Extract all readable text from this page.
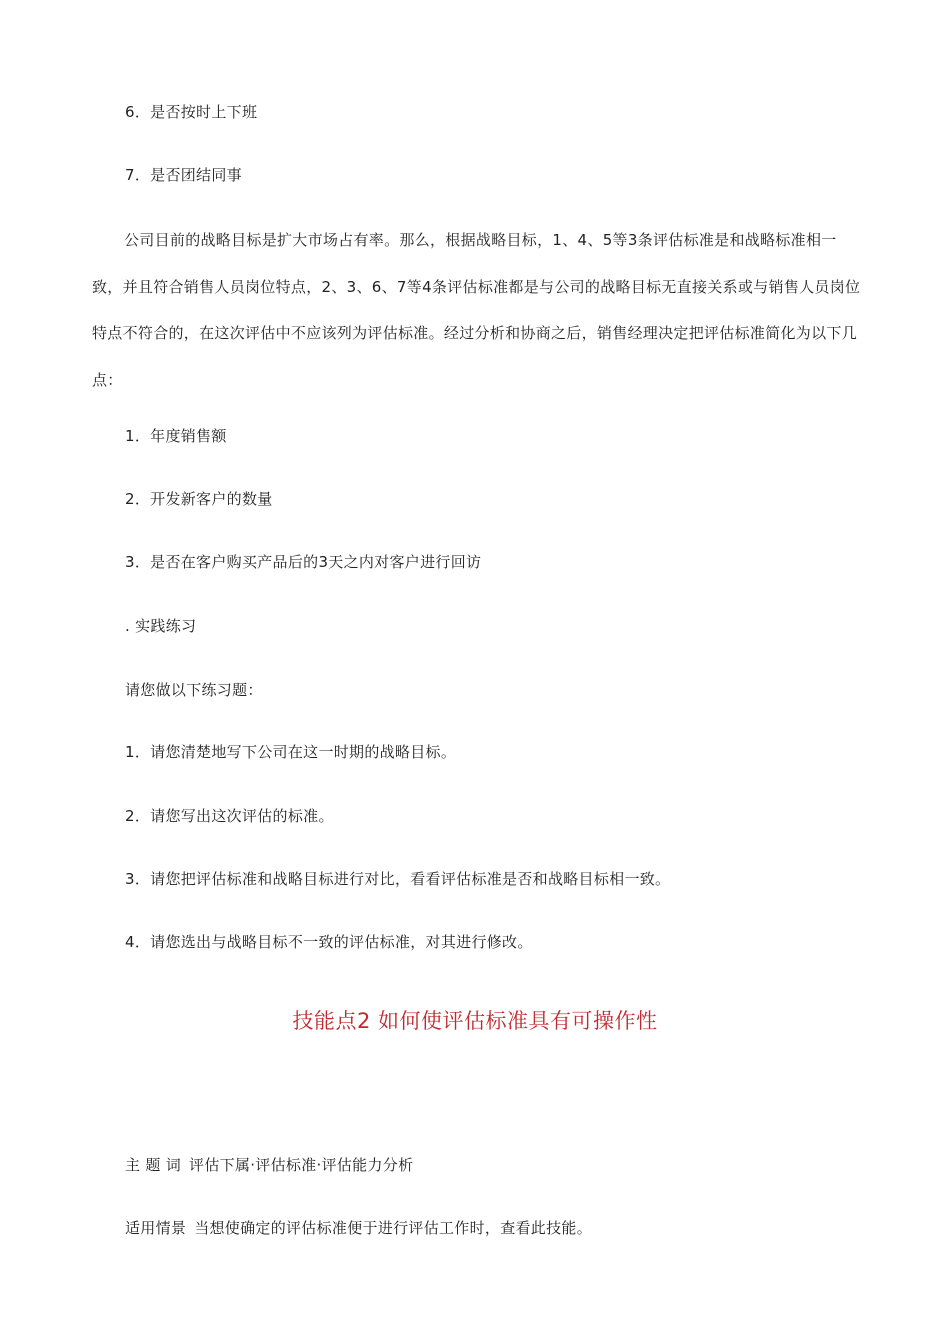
6．是否按时上下班
7．是否团结同事

公司目前的战略目标是扩大市场占有率。那么，根据战略目标，1、4、5等3条评估标准是和战略标准相一致，并且符合销售人员岗位特点，2、3、6、7等4条评估标准都是与公司的战略目标无直接关系或与销售人员岗位特点不符合的，在这次评估中不应该列为评估标准。经过分析和协商之后，销售经理决定把评估标准简化为以下几点：

1．年度销售额
2．开发新客户的数量
3．是否在客户购买产品后的3天之内对客户进行回访
. 实践练习
请您做以下练习题：
1．请您清楚地写下公司在这一时期的战略目标。
2．请您写出这次评估的标准。
3．请您把评估标准和战略目标进行对比，看看评估标准是否和战略目标相一致。
4．请您选出与战略目标不一致的评估标准，对其进行修改。
技能点2 如何使评估标准具有可操作性
主 题 词 评估下属·评估标准·评估能力分析
适用情景 当想使确定的评估标准便于进行评估工作时，查看此技能。
